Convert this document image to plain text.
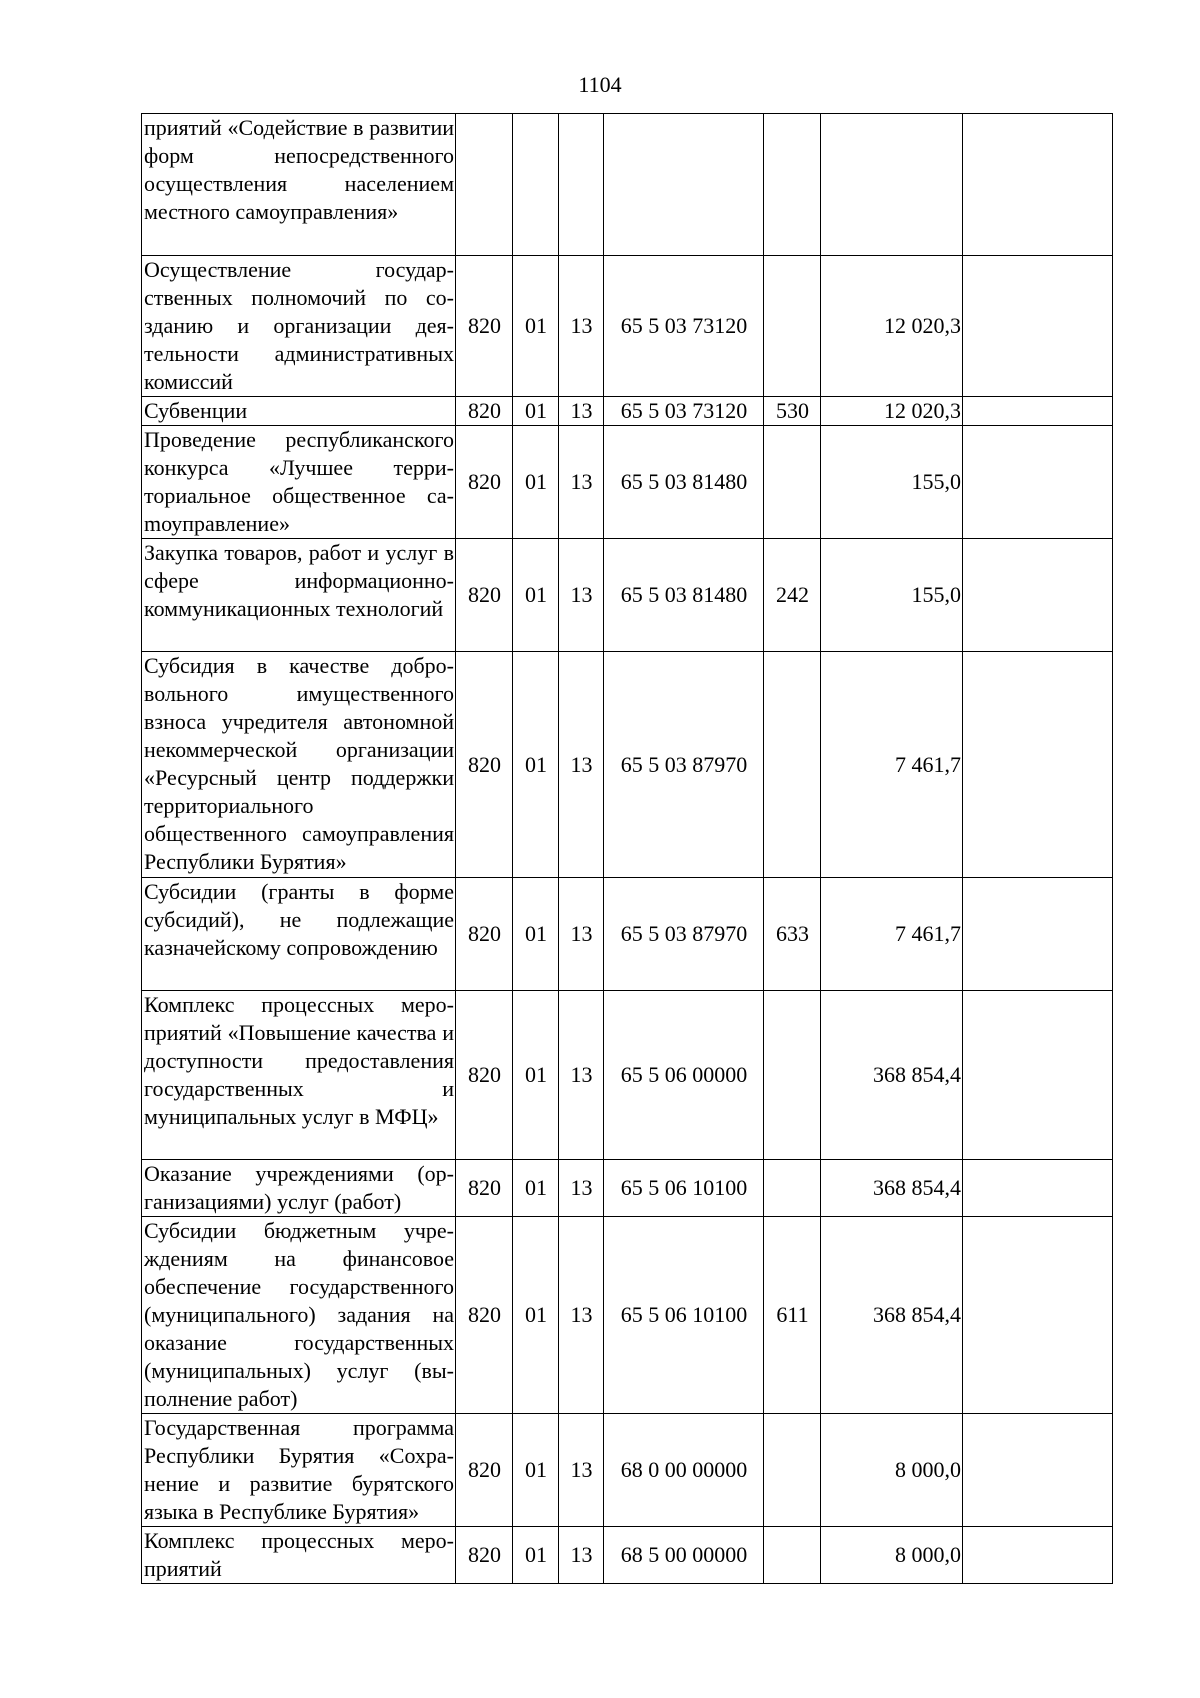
1104
приятий «Содействие в развитии форм непосредственного осуществления населением местного самоуправления»							
Осуществление государственных полномочий по созданию и организации деятельности административных комиссий	820	01	13	65 5 03 73120		12 020,3	
Субвенции	820	01	13	65 5 03 73120	530	12 020,3	
Проведение республиканского конкурса «Лучшее территориальное общественное саmоуправление»	820	01	13	65 5 03 81480		155,0	
Закупка товаров, работ и услуг в сфере информационно-коммуникационных технологий	820	01	13	65 5 03 81480	242	155,0	
Субсидия в качестве добровольного имущественного взноса учредителя автономной некоммерческой организации «Ресурсный центр поддержки территориального общественного самоуправления Республики Бурятия»	820	01	13	65 5 03 87970		7 461,7	
Субсидии (гранты в форме субсидий), не подлежащие казначейскому сопровождению	820	01	13	65 5 03 87970	633	7 461,7	
Комплекс процессных мероприятий «Повышение качества и доступности предоставления государственных и муниципальных услуг в МФЦ»	820	01	13	65 5 06 00000		368 854,4	
Оказание учреждениями (организациями) услуг (работ)	820	01	13	65 5 06 10100		368 854,4	
Субсидии бюджетным учреждениям на финансовое обеспечение государственного (муниципального) задания на оказание государственных (муниципальных) услуг (выполнение работ)	820	01	13	65 5 06 10100	611	368 854,4	
Государственная программа Республики Бурятия «Сохранение и развитие бурятского языка в Республике Бурятия»	820	01	13	68 0 00 00000		8 000,0	
Комплекс процессных мероприятий	820	01	13	68 5 00 00000		8 000,0	
